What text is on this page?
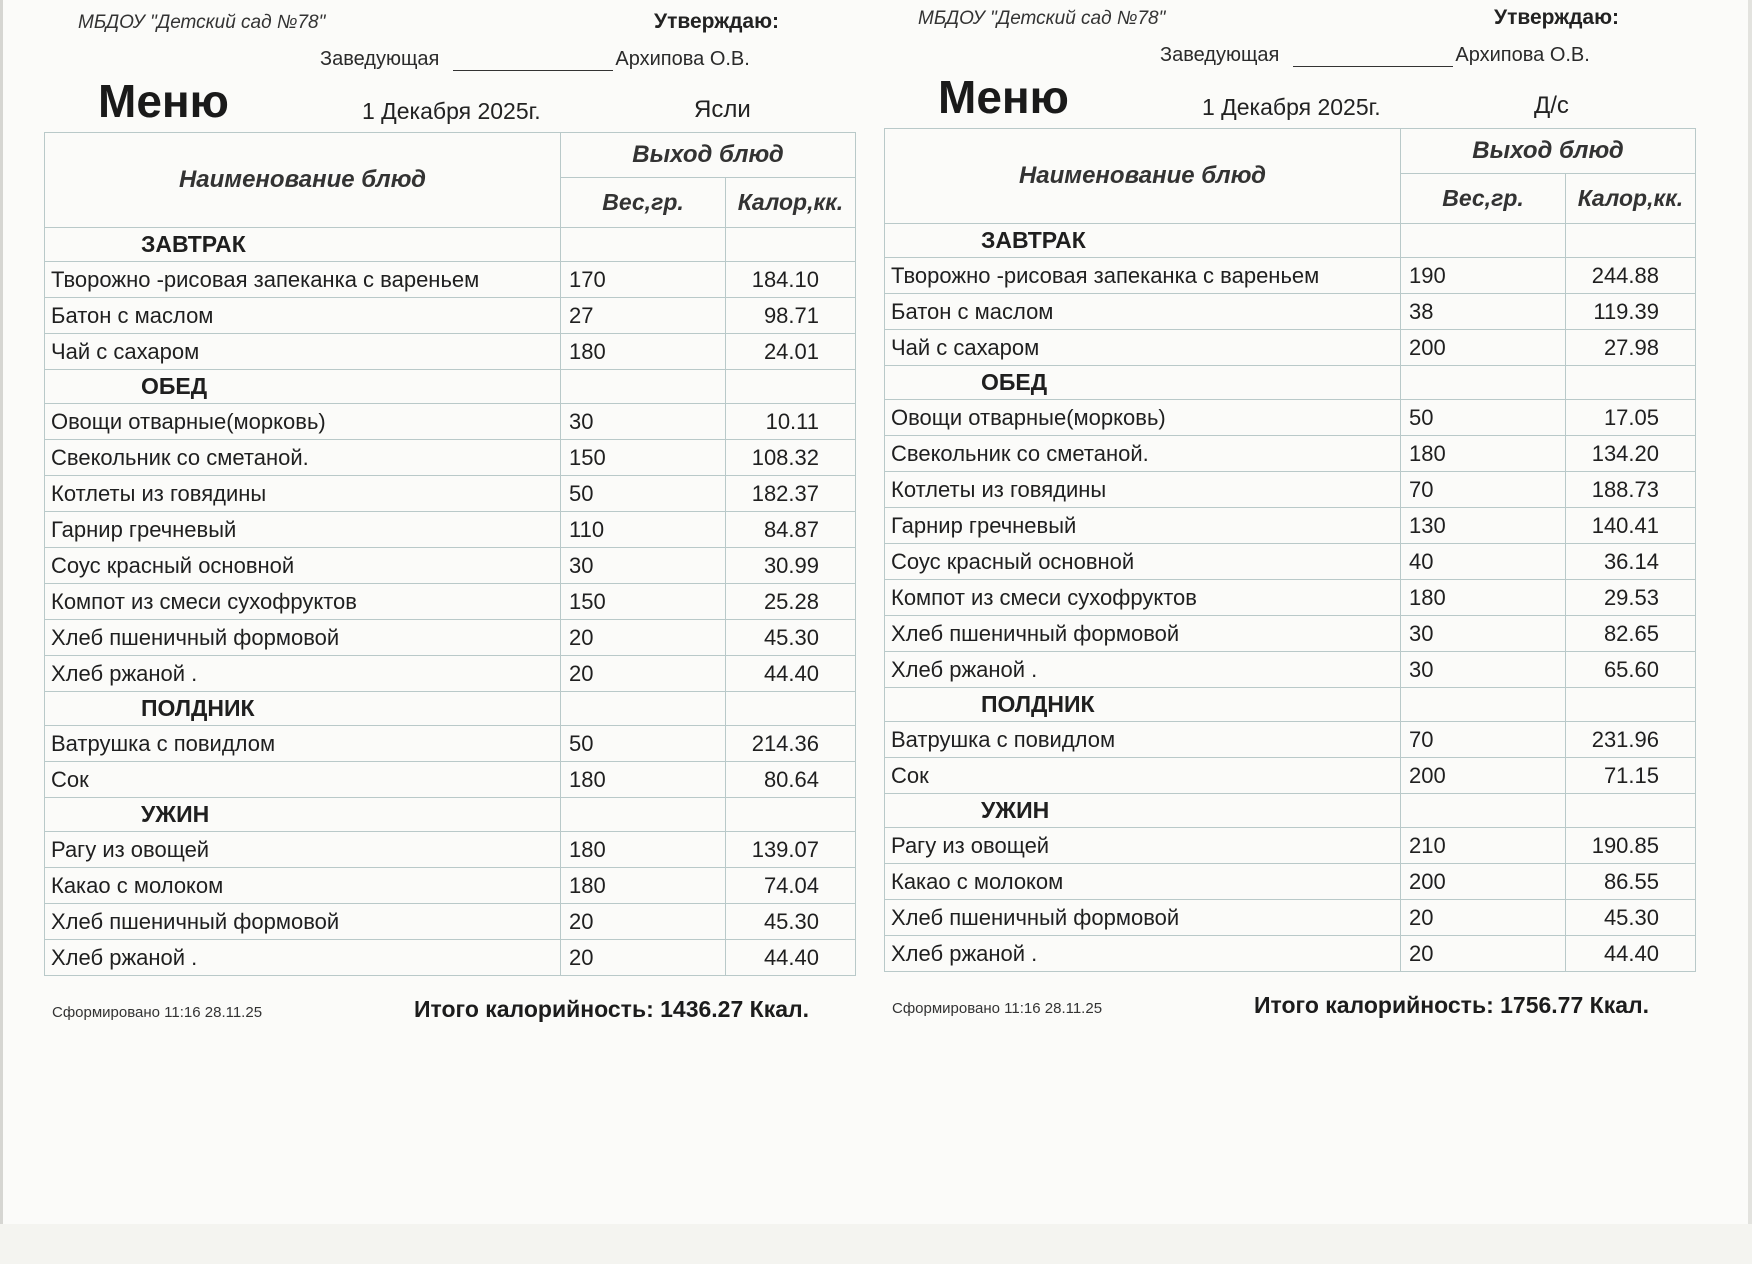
МБДОУ "Детский сад №78"	Утверждаю:
Заведующая	Архипова О.В.
Меню	1 Декабря 2025г.	Ясли
Наименование блюд	Выход блюд	
	Вес,гр.	Калор,кк.
ЗАВТРАК		
Творожно -рисовая запеканка с вареньем	170	184.10
Батон с маслом	27	98.71
Чай с сахаром	180	24.01
ОБЕД		
Овощи отварные(морковь)	30	10.11
Свекольник со сметаной.	150	108.32
Котлеты из говядины	50	182.37
Гарнир гречневый	110	84.87
Соус красный основной	30	30.99
Компот из смеси сухофруктов	150	25.28
Хлеб пшеничный формовой	20	45.30
Хлеб ржаной .	20	44.40
ПОЛДНИК		
Ватрушка с повидлом	50	214.36
Сок	180	80.64
УЖИН		
Рагу из овощей	180	139.07
Какао с молоком	180	74.04
Хлеб пшеничный формовой	20	45.30
Хлеб ржаной .	20	44.40
Сформировано 11:16 28.11.25	Итого калорийность: 1436.27 Ккал.
МБДОУ "Детский сад №78"	Утверждаю:
Заведующая	Архипова О.В.
Меню	1 Декабря 2025г.	Д/с
Наименование блюд	Выход блюд	
	Вес,гр.	Калор,кк.
ЗАВТРАК		
Творожно -рисовая запеканка с вареньем	190	244.88
Батон с маслом	38	119.39
Чай с сахаром	200	27.98
ОБЕД		
Овощи отварные(морковь)	50	17.05
Свекольник со сметаной.	180	134.20
Котлеты из говядины	70	188.73
Гарнир гречневый	130	140.41
Соус красный основной	40	36.14
Компот из смеси сухофруктов	180	29.53
Хлеб пшеничный формовой	30	82.65
Хлеб ржаной .	30	65.60
ПОЛДНИК		
Ватрушка с повидлом	70	231.96
Сок	200	71.15
УЖИН		
Рагу из овощей	210	190.85
Какао с молоком	200	86.55
Хлеб пшеничный формовой	20	45.30
Хлеб ржаной .	20	44.40
Сформировано 11:16 28.11.25	Итого калорийность: 1756.77 Ккал.
